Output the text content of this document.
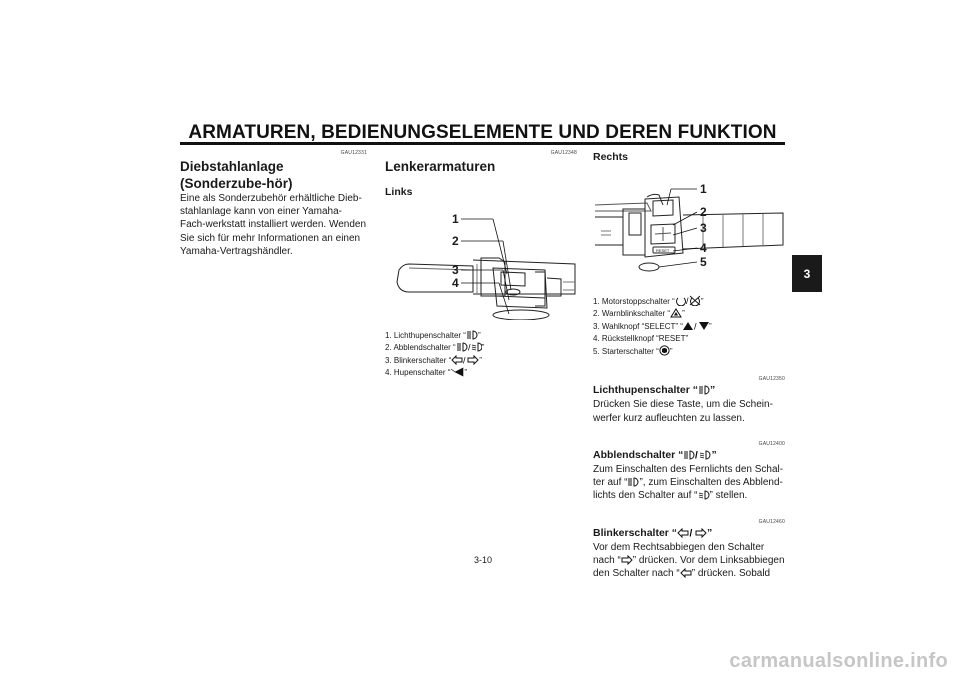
ARMATUREN, BEDIENUNGSELEMENTE UND DEREN FUNKTION
3
GAU12331
Diebstahlanlage (Sonderzube-hör)
Eine als Sonderzubehör erhältliche Dieb-stahlanlage kann von einer Yamaha-Fach-werkstatt installiert werden. Wenden Sie sich für mehr Informationen an einen Yamaha-Vertragshändler.
GAU12348
Lenkerarmaturen
Links
1
2
3
4
1. Lichthupenschalter “ ”
2. Abblendschalter “ / ”
3. Blinkerschalter “ / ”
4. Hupenschalter “ ”
Rechts
RESET
1
2
3
4
5
1. Motorstoppschalter “ / ”
2. Warnblinkschalter “ ”
3. Wahlknopf “SELECT” “ / ”
4. Rückstellknopf “RESET”
5. Starterschalter “ ”
GAU12350
Lichthupenschalter “ ”
Drücken Sie diese Taste, um die Schein-werfer kurz aufleuchten zu lassen.
GAU12400
Abblendschalter “ / ”
Zum Einschalten des Fernlichts den Schal-ter auf “ ”, zum Einschalten des Abblend-lichts den Schalter auf “ ” stellen.
GAU12460
Blinkerschalter “ / ”
Vor dem Rechtsabbiegen den Schalter nach “ ” drücken. Vor dem Linksabbiegen den Schalter nach “ ” drücken. Sobald
3-10
carmanualsonline.info
